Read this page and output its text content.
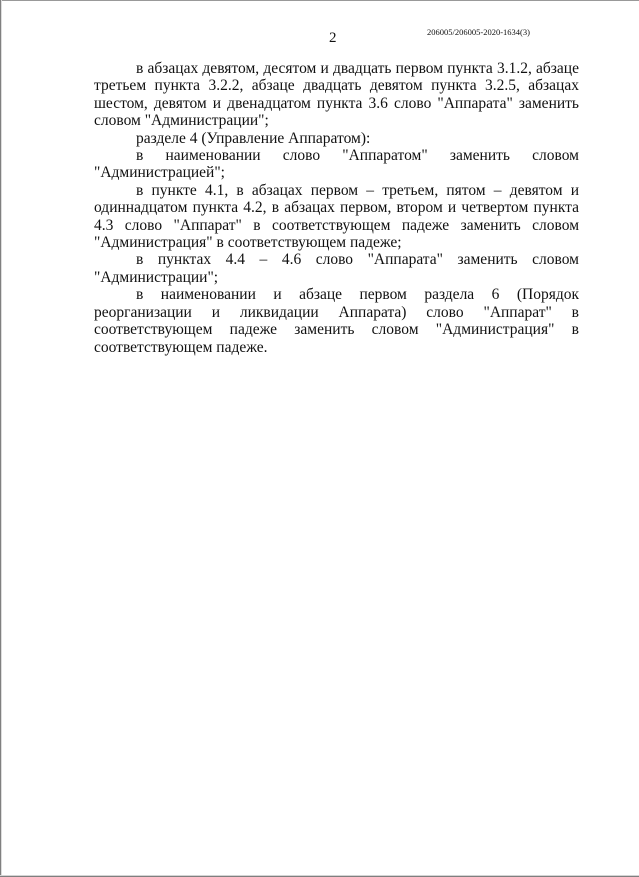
2	206005/206005-2020-1634(3)

в абзацах девятом, десятом и двадцать первом пункта 3.1.2, абзаце третьем пункта 3.2.2, абзаце двадцать девятом пункта 3.2.5, абзацах шестом, девятом и двенадцатом пункта 3.6 слово "Аппарата" заменить словом "Администрации";

разделе 4 (Управление Аппаратом):

в наименовании слово "Аппаратом" заменить словом "Администрацией";

в пункте 4.1, в абзацах первом – третьем, пятом – девятом и одиннадцатом пункта 4.2, в абзацах первом, втором и четвертом пункта 4.3 слово "Аппарат" в соответствующем падеже заменить словом "Администрация" в соответствующем падеже;

в пунктах 4.4 – 4.6 слово "Аппарата" заменить словом "Администрации";

в наименовании и абзаце первом раздела 6 (Порядок реорганизации и ликвидации Аппарата) слово "Аппарат" в соответствующем падеже заменить словом "Администрация" в соответствующем падеже.
